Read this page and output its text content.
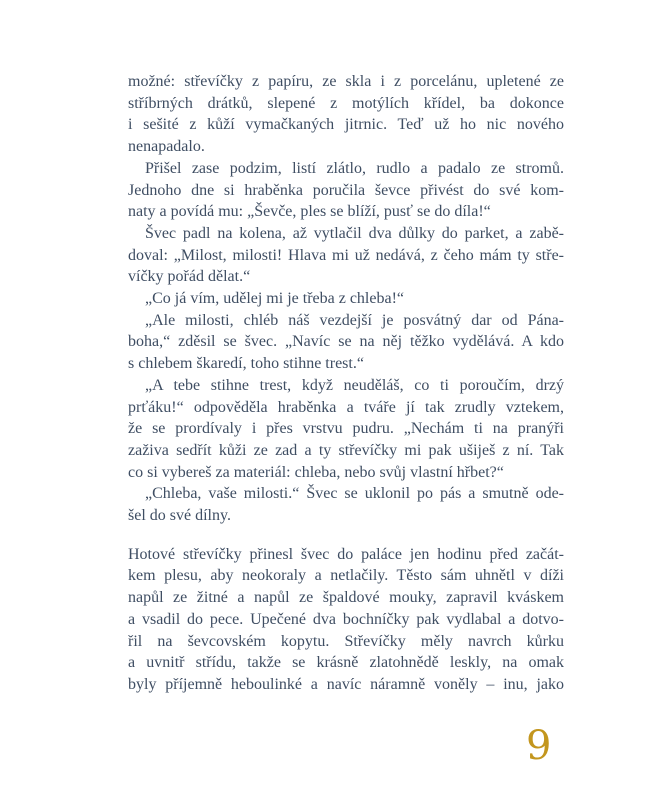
možné: střevíčky z papíru, ze skla i z porcelánu, upletené ze
stříbrných drátků, slepené z motýlích křídel, ba dokonce
i sešité z kůží vymačkaných jitrnic. Teď už ho nic nového
nenapadalo.
Přišel zase podzim, listí zlátlo, rudlo a padalo ze stromů.
Jednoho dne si hraběnka poručila ševce přivést do své kom-
naty a povídá mu: „Ševče, ples se blíží, pusť se do díla!“
Švec padl na kolena, až vytlačil dva důlky do parket, a zabě-
doval: „Milost, milosti! Hlava mi už nedává, z čeho mám ty stře-
víčky pořád dělat.“
„Co já vím, udělej mi je třeba z chleba!“
„Ale milosti, chléb náš vezdejší je posvátný dar od Pána-
boha,“ zděsil se švec. „Navíc se na něj těžko vydělává. A kdo
s chlebem škaredí, toho stihne trest.“
„A tebe stihne trest, když neuděláš, co ti poroučím, drzý
prťáku!“ odpověděla hraběnka a tváře jí tak zrudly vztekem,
že se prordívaly i přes vrstvu pudru. „Nechám ti na pranýři
zaživa sedřít kůži ze zad a ty střevíčky mi pak ušiješ z ní. Tak
co si vybereš za materiál: chleba, nebo svůj vlastní hřbet?“
„Chleba, vaše milosti.“ Švec se uklonil po pás a smutně ode-
šel do své dílny.
Hotové střevíčky přinesl švec do paláce jen hodinu před začát-
kem plesu, aby neokoraly a netlačily. Těsto sám uhnětl v díži
napůl ze žitné a napůl ze špaldové mouky, zapravil kváskem
a vsadil do pece. Upečené dva bochníčky pak vydlabal a dotvo-
řil na ševcovském kopytu. Střevíčky měly navrch kůrku
a uvnitř střídu, takže se krásně zlatohnědě leskly, na omak
byly příjemně heboulinké a navíc náramně voněly – inu, jako
9
